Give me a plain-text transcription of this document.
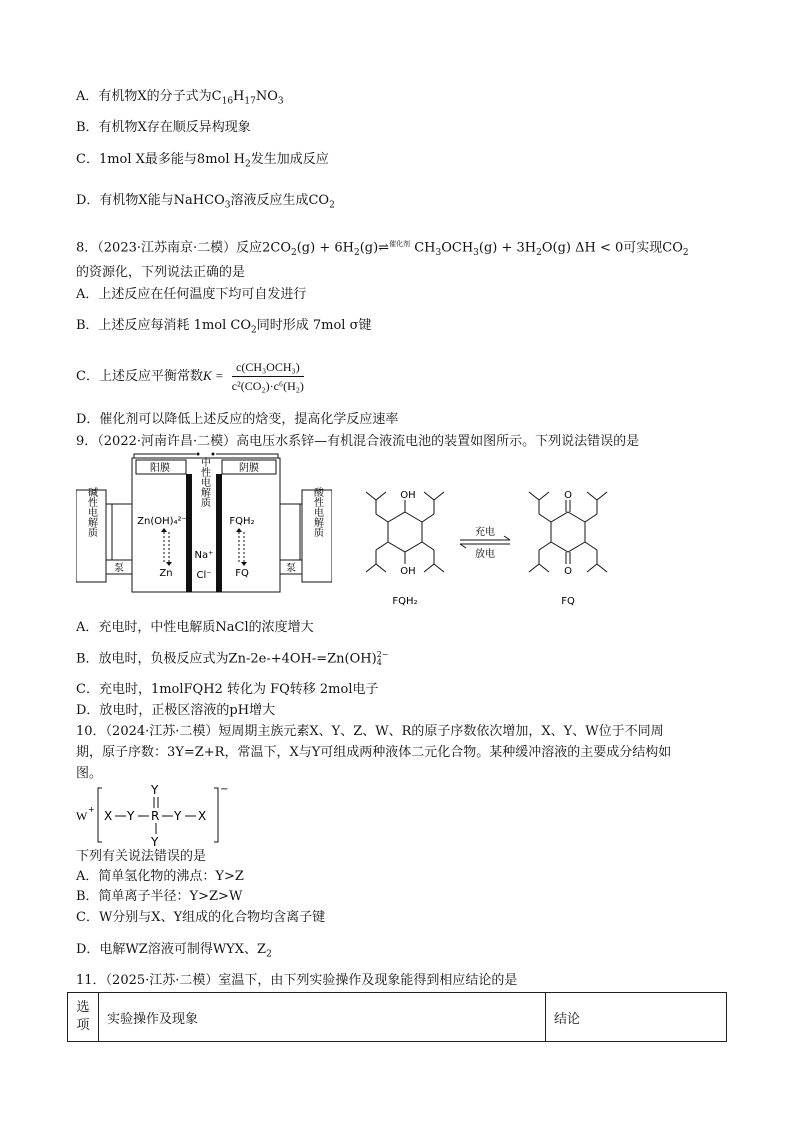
A．有机物X的分子式为$C_{16}H_{17}NO_3$
B．有机物X存在顺反异构现象
C．1mol X最多能与8mol $H_2$发生加成反应
D．有机物X能与NaHCO$_3$溶液反应生成$CO_2$
8．（2023·江苏南京·二模）反应$2CO_2(g)$ + $6H_2(g)\rightleftharpoons^{催化剂}$ $CH_3OCH_3(g) + 3H_2O(g) \Delta H < 0$可实现$CO_2$
的资源化，下列说法正确的是
A．上述反应在任何温度下均可自发进行
B．上述反应每消耗 1mol $CO_2$同时形成 7mol σ键
C．上述反应平衡常数$K = \frac{\text{c(CH₃OCH₃)}}{\text{c²(CO₂)·c⁶(H₂)}}$
D．催化剂可以降低上述反应的焓变，提高化学反应速率
9．（2022·河南许昌·二模）高电压水系锌—有机混合液流电池的装置如图所示。下列说法错误的是
阳膜	阴膜
碱性电解质	酸性电解质
中性电解质
Zn(OH)₄²⁻
Zn
FQH₂
FQ
Na⁺
Cl⁻
泵	泵
OH
OH
O
O
充电
放电
FQH₂	FQ
A．充电时，中性电解质NaCl的浓度增大
B．放电时，负极反应式为Zn-2e-+4OH-=Zn(OH) 2−
4
C．充电时，1molFQH2 转化为 FQ转移 2mol电子
D．放电时，正极区溶液的pH增大
10．（2024·江苏·二模）短周期主族元素X、Y、Z、W、R的原子序数依次增加，X、Y、W位于不同周
期，原子序数：3Y=Z+R，常温下，X与Y可组成两种液体二元化合物。某种缓冲溶液的主要成分结构如
图。
W +
−
X Y R Y X
Y
Y
下列有关说法错误的是
A．简单氢化物的沸点：Y>Z
B．简单离子半径：Y>Z>W
C．W分别与X、Y组成的化合物均含离子键
D．电解WZ溶液可制得WYX、$Z_2$
11．（2025·江苏·二模）室温下，由下列实验操作及现象能得到相应结论的是
选项	实验操作及现象	结论
